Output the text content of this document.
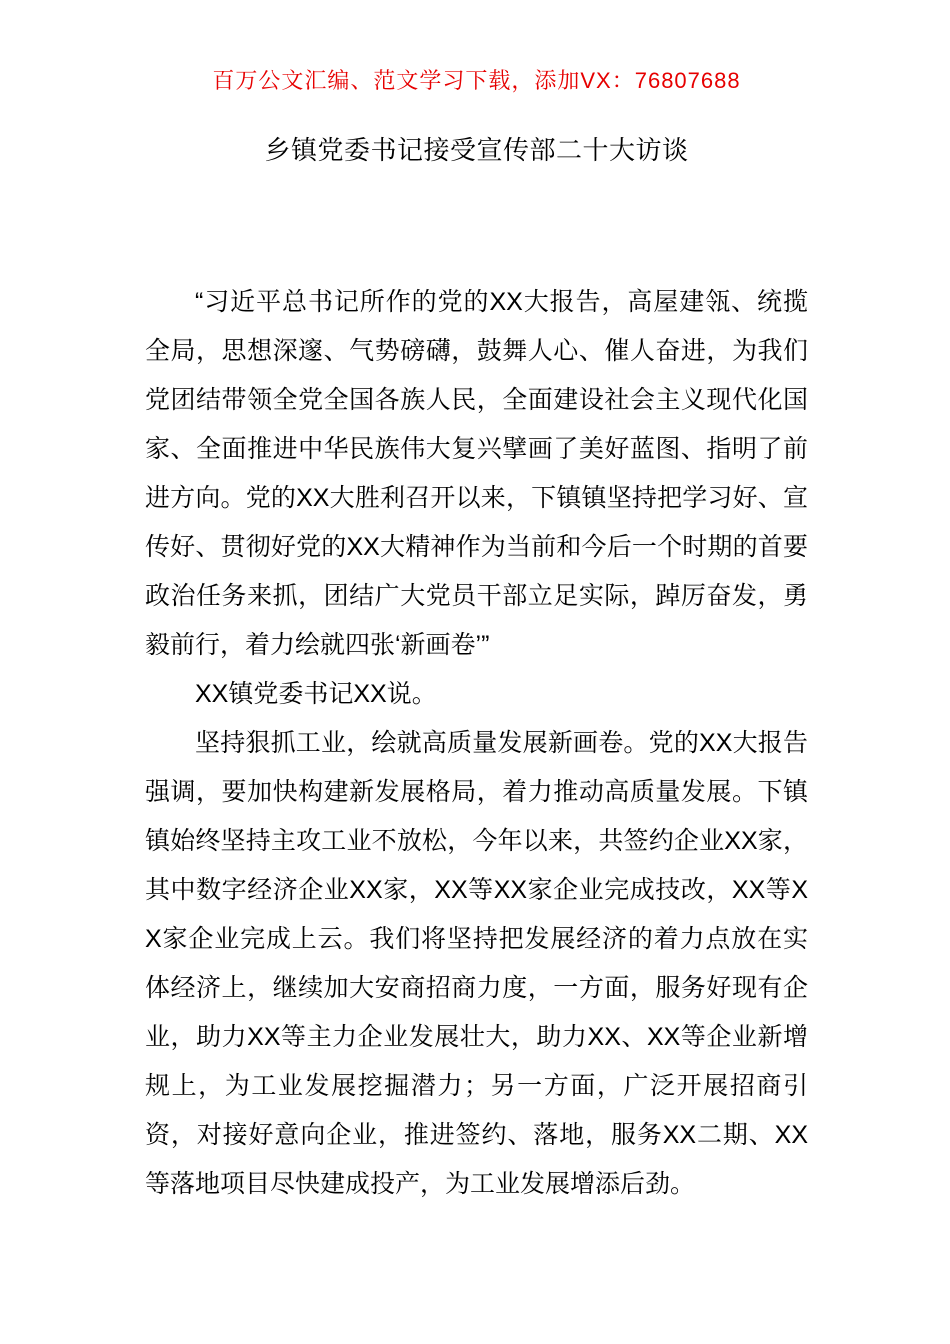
百万公文汇编、范文学习下载，添加VX：76807688
乡镇党委书记接受宣传部二十大访谈

“习近平总书记所作的党的XX大报告，高屋建瓴、统揽全局，思想深邃、气势磅礴，鼓舞人心、催人奋进，为我们党团结带领全党全国各族人民，全面建设社会主义现代化国家、全面推进中华民族伟大复兴擘画了美好蓝图、指明了前进方向。党的XX大胜利召开以来，下镇镇坚持把学习好、宣传好、贯彻好党的XX大精神作为当前和今后一个时期的首要政治任务来抓，团结广大党员干部立足实际，踔厉奋发，勇毅前行，着力绘就四张‘新画卷’”

XX镇党委书记XX说。

坚持狠抓工业，绘就高质量发展新画卷。党的XX大报告强调，要加快构建新发展格局，着力推动高质量发展。下镇镇始终坚持主攻工业不放松，今年以来，共签约企业XX家，其中数字经济企业XX家，XX等XX家企业完成技改，XX等XX家企业完成上云。我们将坚持把发展经济的着力点放在实体经济上，继续加大安商招商力度，一方面，服务好现有企业，助力XX等主力企业发展壮大，助力XX、XX等企业新增规上，为工业发展挖掘潜力；另一方面，广泛开展招商引资，对接好意向企业，推进签约、落地，服务XX二期、XX等落地项目尽快建成投产，为工业发展增添后劲。
